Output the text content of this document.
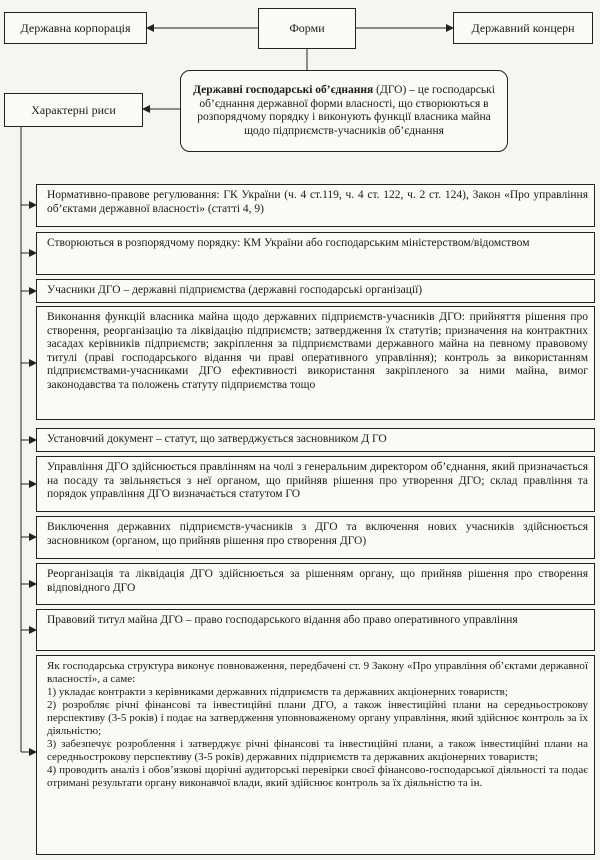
Державна корпорація	Форми	Державний концерн
Державні господарські об’єднання (ДГО) – це господарські об’єднання державної форми власності, що створюються в розпорядчому порядку і виконують функції власника майна щодо підприємств-учасників об’єднання
Характерні риси

Нормативно-правове регулювання: ГК України (ч. 4 ст.119, ч. 4 ст. 122, ч. 2 ст. 124), Закон «Про управління об’єктами державної власності» (статті 4, 9)

Створюються в розпорядчому порядку: КМ України або господарським міністерством/відомством

Учасники ДГО – державні підприємства (державні господарські організації)

Виконання функцій власника майна щодо державних підприємств-учасників ДГО: прийняття рішення про створення, реорганізацію та ліквідацію підприємств; затвердження їх статутів; призначення на контрактних засадах керівників підприємств; закріплення за підприємствами державного майна на певному правовому титулі (праві господарського відання чи праві оперативного управління); контроль за використанням підприємствами-учасниками ДГО ефективності використання закріпленого за ними майна, вимог законодавства та положень статуту підприємства тощо

Установчий документ – статут, що затверджується засновником Д ГО

Управління ДГО здійснюється правлінням на чолі з генеральним директором об’єднання, який призначається на посаду та звільняється з неї органом, що прийняв рішення про утворення ДГО; склад правління та порядок управління ДГО визначається статутом ГО

Виключення державних підприємств-учасників з ДГО та включення нових учасників здійснюється засновником (органом, що прийняв рішення про створення ДГО)

Реорганізація та ліквідація ДГО здійснюється за рішенням органу, що прийняв рішення про створення відповідного ДГО

Правовий титул майна ДГО – право господарського відання або право оперативного управління

Як господарська структура виконує повноваження, передбачені ст. 9 Закону «Про управління об’єктами державної власності», а саме:

1) укладає контракти з керівниками державних підприємств та державних акціонерних товариств;

2) розробляє річні фінансові та інвестиційні плани ДГО, а також інвестиційні плани на середньострокову перспективу (3-5 років) і подає на затвердження уповноваженому органу управління, який здійснює контроль за їх діяльністю;

3) забезпечує розроблення і затверджує річні фінансові та інвестиційні плани, а також інвестиційні плани на середньострокову перспективу (3-5 років) державних підприємств та державних акціонерних товариств;

4) проводить аналіз і обов’язкові щорічні аудиторські перевірки своєї фінансово-господарської діяльності та подає отримані результати органу виконавчої влади, який здійснює контроль за їх діяльністю та ін.
